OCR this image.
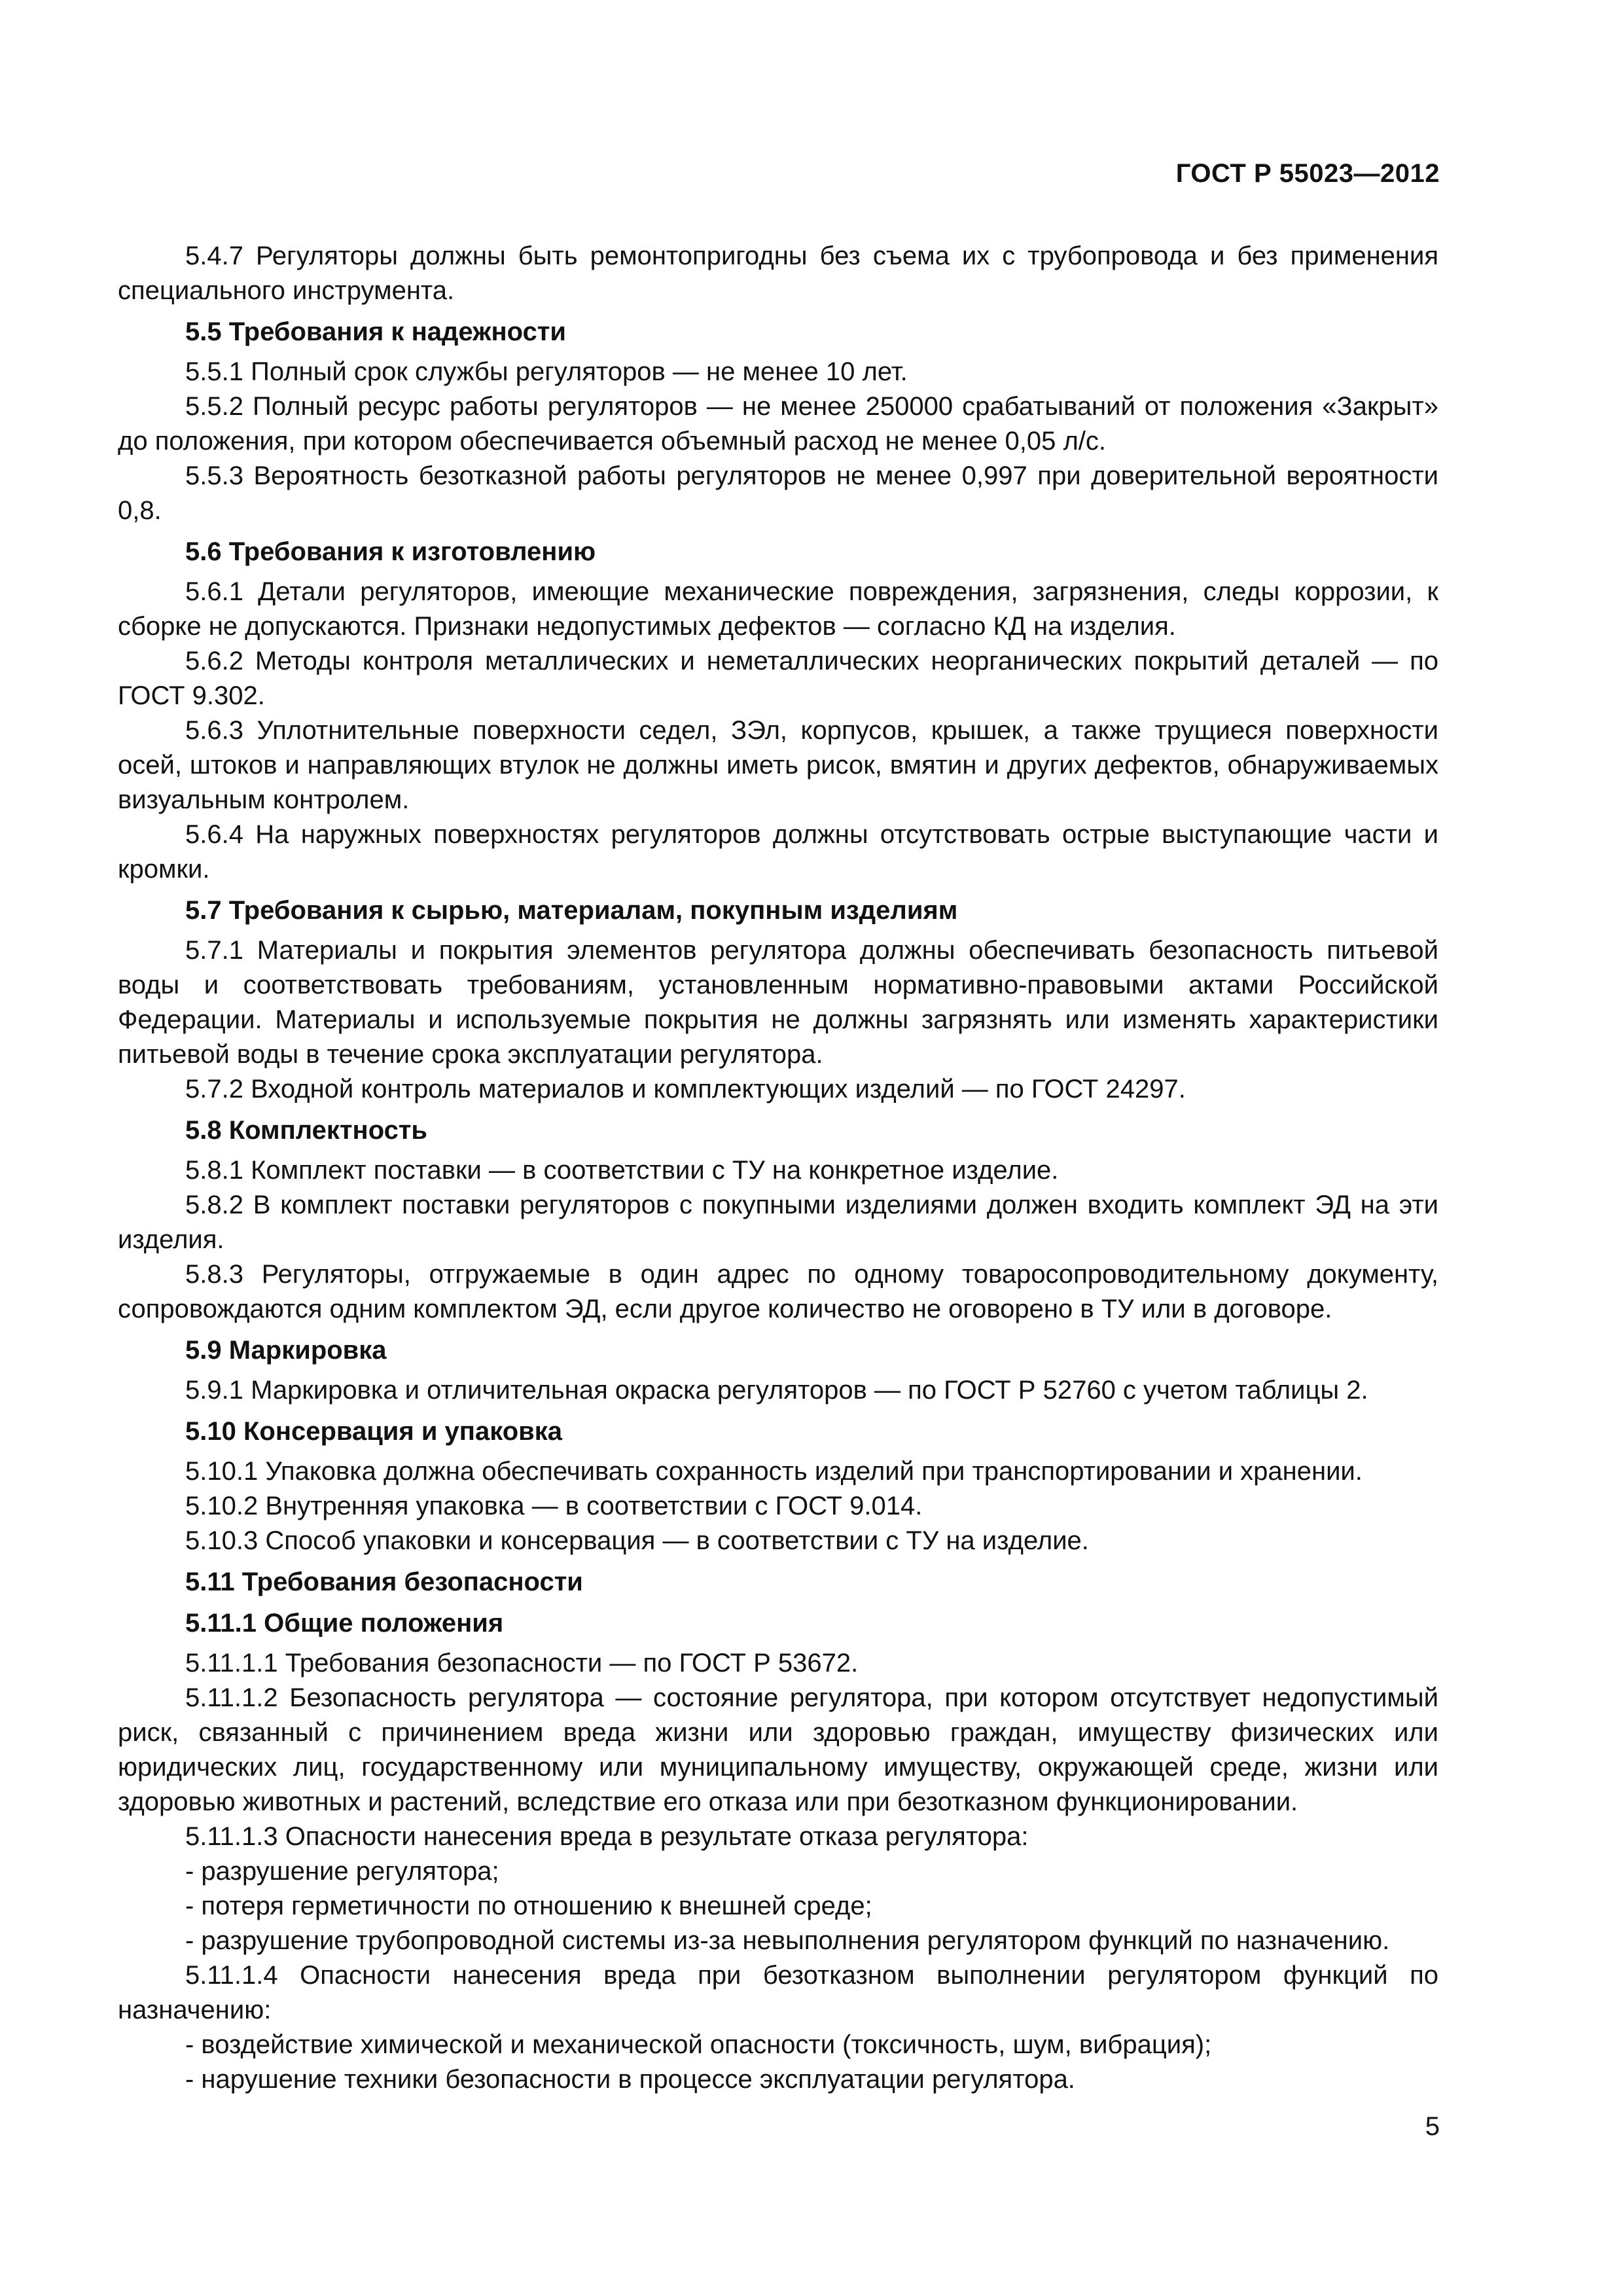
ГОСТ Р 55023—2012

5.4.7 Регуляторы должны быть ремонтопригодны без съема их с трубопровода и без применения специального инструмента.

5.5 Требования к надежности

5.5.1 Полный срок службы регуляторов — не менее 10 лет.

5.5.2 Полный ресурс работы регуляторов — не менее 250000 срабатываний от положения «Закрыт» до положения, при котором обеспечивается объемный расход не менее 0,05 л/с.

5.5.3 Вероятность безотказной работы регуляторов не менее 0,997 при доверительной вероятности 0,8.

5.6 Требования к изготовлению

5.6.1 Детали регуляторов, имеющие механические повреждения, загрязнения, следы коррозии, к сборке не допускаются. Признаки недопустимых дефектов — согласно КД на изделия.

5.6.2 Методы контроля металлических и неметаллических неорганических покрытий деталей — по ГОСТ 9.302.

5.6.3 Уплотнительные поверхности седел, ЗЭл, корпусов, крышек, а также трущиеся поверхности осей, штоков и направляющих втулок не должны иметь рисок, вмятин и других дефектов, обнаруживаемых визуальным контролем.

5.6.4 На наружных поверхностях регуляторов должны отсутствовать острые выступающие части и кромки.

5.7 Требования к сырью, материалам, покупным изделиям

5.7.1 Материалы и покрытия элементов регулятора должны обеспечивать безопасность питьевой воды и соответствовать требованиям, установленным нормативно-правовыми актами Российской Федерации. Материалы и используемые покрытия не должны загрязнять или изменять характеристики питьевой воды в течение срока эксплуатации регулятора.

5.7.2 Входной контроль материалов и комплектующих изделий — по ГОСТ 24297.

5.8 Комплектность

5.8.1 Комплект поставки — в соответствии с ТУ на конкретное изделие.

5.8.2 В комплект поставки регуляторов с покупными изделиями должен входить комплект ЭД на эти изделия.

5.8.3 Регуляторы, отгружаемые в один адрес по одному товаросопроводительному документу, сопровождаются одним комплектом ЭД, если другое количество не оговорено в ТУ или в договоре.

5.9 Маркировка

5.9.1 Маркировка и отличительная окраска регуляторов — по ГОСТ Р 52760 с учетом таблицы 2.

5.10 Консервация и упаковка

5.10.1 Упаковка должна обеспечивать сохранность изделий при транспортировании и хранении.

5.10.2 Внутренняя упаковка — в соответствии с ГОСТ 9.014.

5.10.3 Способ упаковки и консервация — в соответствии с ТУ на изделие.

5.11 Требования безопасности
5.11.1 Общие положения

5.11.1.1 Требования безопасности — по ГОСТ Р 53672.

5.11.1.2 Безопасность регулятора — состояние регулятора, при котором отсутствует недопустимый риск, связанный с причинением вреда жизни или здоровью граждан, имуществу физических или юридических лиц, государственному или муниципальному имуществу, окружающей среде, жизни или здоровью животных и растений, вследствие его отказа или при безотказном функционировании.

5.11.1.3 Опасности нанесения вреда в результате отказа регулятора:

- разрушение регулятора;

- потеря герметичности по отношению к внешней среде;

- разрушение трубопроводной системы из-за невыполнения регулятором функций по назначению.

5.11.1.4 Опасности нанесения вреда при безотказном выполнении регулятором функций по назначению:

- воздействие химической и механической опасности (токсичность, шум, вибрация);

- нарушение техники безопасности в процессе эксплуатации регулятора.

5
